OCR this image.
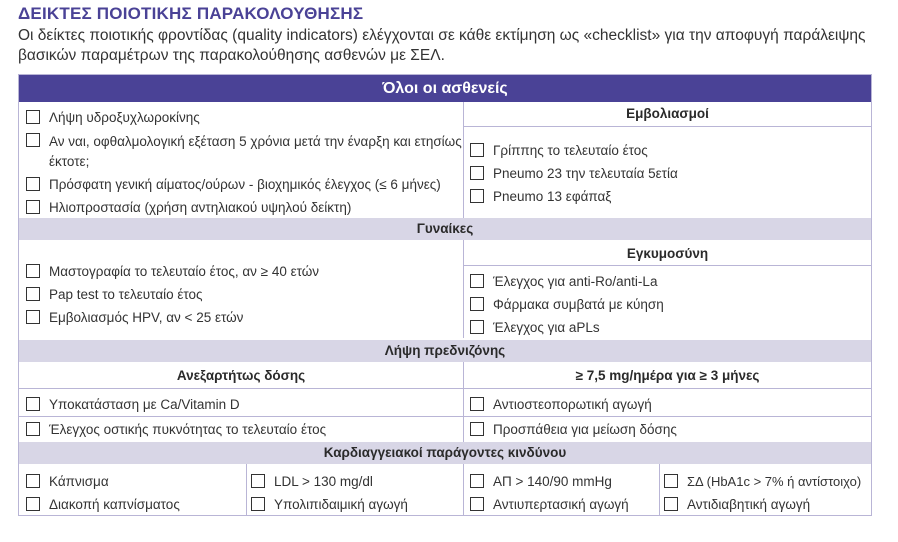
ΔΕΙΚΤΕΣ ΠΟΙΟΤΙΚΗΣ ΠΑΡΑΚΟΛΟΥΘΗΣΗΣ
Οι δείκτες ποιοτικής φροντίδας (quality indicators) ελέγχονται σε κάθε εκτίμηση ως «checklist» για την αποφυγή παράλειψης βασικών παραμέτρων της παρακολούθησης ασθενών με ΣΕΛ.
Όλοι οι ασθενείς
Εμβολιασμοί
Λήψη υδροξυχλωροκίνης
Αν ναι, οφθαλμολογική εξέταση 5 χρόνια μετά την έναρξη και ετησίως έκτοτε;
Πρόσφατη γενική αίματος/ούρων - βιοχημικός έλεγχος (≤ 6 μήνες)
Ηλιοπροστασία (χρήση αντηλιακού υψηλού δείκτη)
Γρίππης το τελευταίο έτος
Pneumo 23 την τελευταία 5ετία
Pneumo 13 εφάπαξ
Γυναίκες
Εγκυμοσύνη
Μαστογραφία το τελευταίο έτος, αν ≥ 40 ετών
Pap test το τελευταίο έτος
Εμβολιασμός HPV, αν < 25 ετών
Έλεγχος για anti-Ro/anti-La
Φάρμακα συμβατά με κύηση
Έλεγχος για aPLs
Λήψη πρεδνιζόνης
Ανεξαρτήτως δόσης	≥ 7,5 mg/ημέρα για ≥ 3 μήνες
Υποκατάσταση με Ca/Vitamin D
Έλεγχος οστικής πυκνότητας το τελευταίο έτος
Αντιοστεοπορωτική αγωγή
Προσπάθεια για μείωση δόσης
Καρδιαγγειακοί παράγοντες κινδύνου
Κάπνισμα
Διακοπή καπνίσματος
LDL > 130 mg/dl
Υπολιπιδαιμική αγωγή
ΑΠ > 140/90 mmHg
Αντιυπερτασική αγωγή
ΣΔ (HbA1c > 7% ή αντίστοιχο)
Αντιδιαβητική αγωγή
